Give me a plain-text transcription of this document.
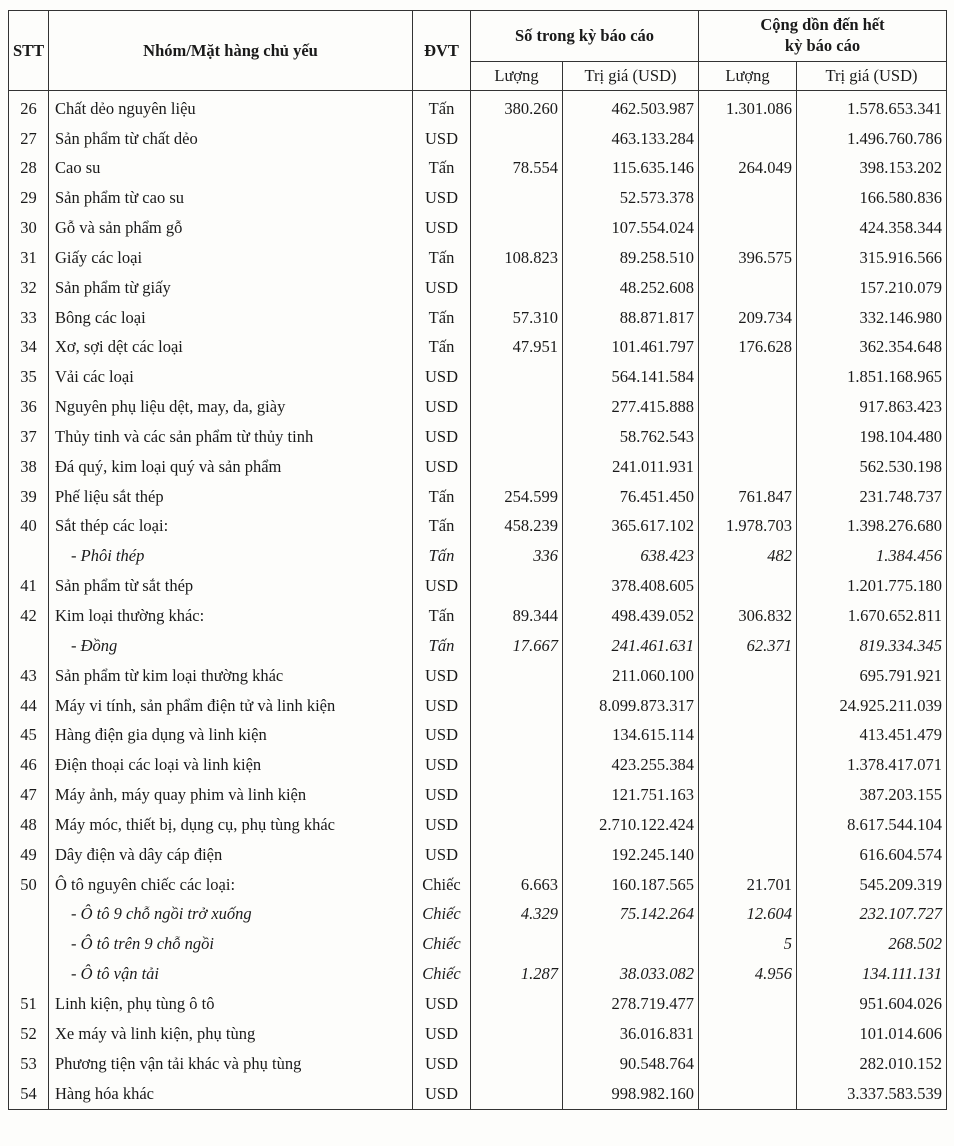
STT	Nhóm/Mặt hàng chủ yếu	ĐVT	Số trong kỳ báo cáo		Cộng dồn đến hết
kỳ báo cáo	
			Lượng	Trị giá (USD)	Lượng	Trị giá (USD)
26	Chất dẻo nguyên liệu	Tấn	380.260	462.503.987	1.301.086	1.578.653.341
27	Sản phẩm từ chất dẻo	USD		463.133.284		1.496.760.786
28	Cao su	Tấn	78.554	115.635.146	264.049	398.153.202
29	Sản phẩm từ cao su	USD		52.573.378		166.580.836
30	Gỗ và sản phẩm gỗ	USD		107.554.024		424.358.344
31	Giấy các loại	Tấn	108.823	89.258.510	396.575	315.916.566
32	Sản phẩm từ giấy	USD		48.252.608		157.210.079
33	Bông các loại	Tấn	57.310	88.871.817	209.734	332.146.980
34	Xơ, sợi dệt các loại	Tấn	47.951	101.461.797	176.628	362.354.648
35	Vải các loại	USD		564.141.584		1.851.168.965
36	Nguyên phụ liệu dệt, may, da, giày	USD		277.415.888		917.863.423
37	Thủy tinh và các sản phẩm từ thủy tinh	USD		58.762.543		198.104.480
38	Đá quý, kim loại quý và sản phẩm	USD		241.011.931		562.530.198
39	Phế liệu sắt thép	Tấn	254.599	76.451.450	761.847	231.748.737
40	Sắt thép các loại:	Tấn	458.239	365.617.102	1.978.703	1.398.276.680
	- Phôi thép	Tấn	336	638.423	482	1.384.456
41	Sản phẩm từ sắt thép	USD		378.408.605		1.201.775.180
42	Kim loại thường khác:	Tấn	89.344	498.439.052	306.832	1.670.652.811
	- Đồng	Tấn	17.667	241.461.631	62.371	819.334.345
43	Sản phẩm từ kim loại thường khác	USD		211.060.100		695.791.921
44	Máy vi tính, sản phẩm điện tử và linh kiện	USD		8.099.873.317		24.925.211.039
45	Hàng điện gia dụng và linh kiện	USD		134.615.114		413.451.479
46	Điện thoại các loại và linh kiện	USD		423.255.384		1.378.417.071
47	Máy ảnh, máy quay phim và linh kiện	USD		121.751.163		387.203.155
48	Máy móc, thiết bị, dụng cụ, phụ tùng khác	USD		2.710.122.424		8.617.544.104
49	Dây điện và dây cáp điện	USD		192.245.140		616.604.574
50	Ô tô nguyên chiếc các loại:	Chiếc	6.663	160.187.565	21.701	545.209.319
	- Ô tô 9 chỗ ngồi trở xuống	Chiếc	4.329	75.142.264	12.604	232.107.727
	- Ô tô trên 9 chỗ ngồi	Chiếc			5	268.502
	- Ô tô vận tải	Chiếc	1.287	38.033.082	4.956	134.111.131
51	Linh kiện, phụ tùng ô tô	USD		278.719.477		951.604.026
52	Xe máy và linh kiện, phụ tùng	USD		36.016.831		101.014.606
53	Phương tiện vận tải khác và phụ tùng	USD		90.548.764		282.010.152
54	Hàng hóa khác	USD		998.982.160		3.337.583.539
